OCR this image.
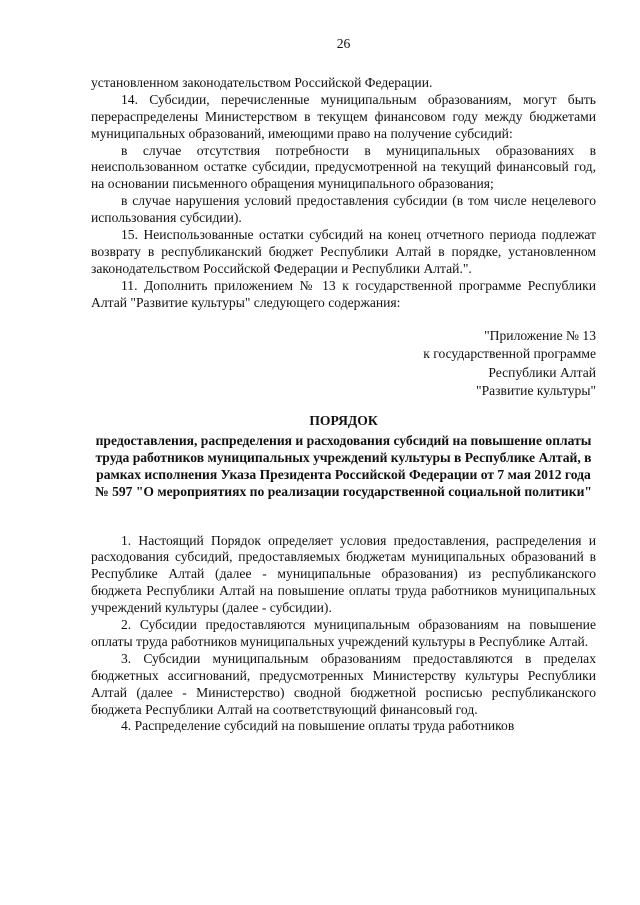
26

установленном законодательством Российской Федерации.

14. Субсидии, перечисленные муниципальным образованиям, могут быть перераспределены Министерством в текущем финансовом году между бюджетами муниципальных образований, имеющими право на получение субсидий:

в случае отсутствия потребности в муниципальных образованиях в неиспользованном остатке субсидии, предусмотренной на текущий финансовый год, на основании письменного обращения муниципального образования;

в случае нарушения условий предоставления субсидии (в том числе нецелевого использования субсидии).

15. Неиспользованные остатки субсидий на конец отчетного периода подлежат возврату в республиканский бюджет Республики Алтай в порядке, установленном законодательством Российской Федерации и Республики Алтай.".

11. Дополнить приложением № 13 к государственной программе Республики Алтай "Развитие культуры" следующего содержания:

"Приложение № 13
к государственной программе
Республики Алтай
"Развитие культуры"
ПОРЯДОК
предоставления, распределения и расходования субсидий на повышение оплаты труда работников муниципальных учреждений культуры в Республике Алтай, в рамках исполнения Указа Президента Российской Федерации от 7 мая 2012 года № 597 "О мероприятиях по реализации государственной социальной политики"

1. Настоящий Порядок определяет условия предоставления, распределения и расходования субсидий, предоставляемых бюджетам муниципальных образований в Республике Алтай (далее - муниципальные образования) из республиканского бюджета Республики Алтай на повышение оплаты труда работников муниципальных учреждений культуры (далее - субсидии).

2. Субсидии предоставляются муниципальным образованиям на повышение оплаты труда работников муниципальных учреждений культуры в Республике Алтай.

3. Субсидии муниципальным образованиям предоставляются в пределах бюджетных ассигнований, предусмотренных Министерству культуры Республики Алтай (далее - Министерство) сводной бюджетной росписью республиканского бюджета Республики Алтай на соответствующий финансовый год.

4. Распределение субсидий на повышение оплаты труда работников
